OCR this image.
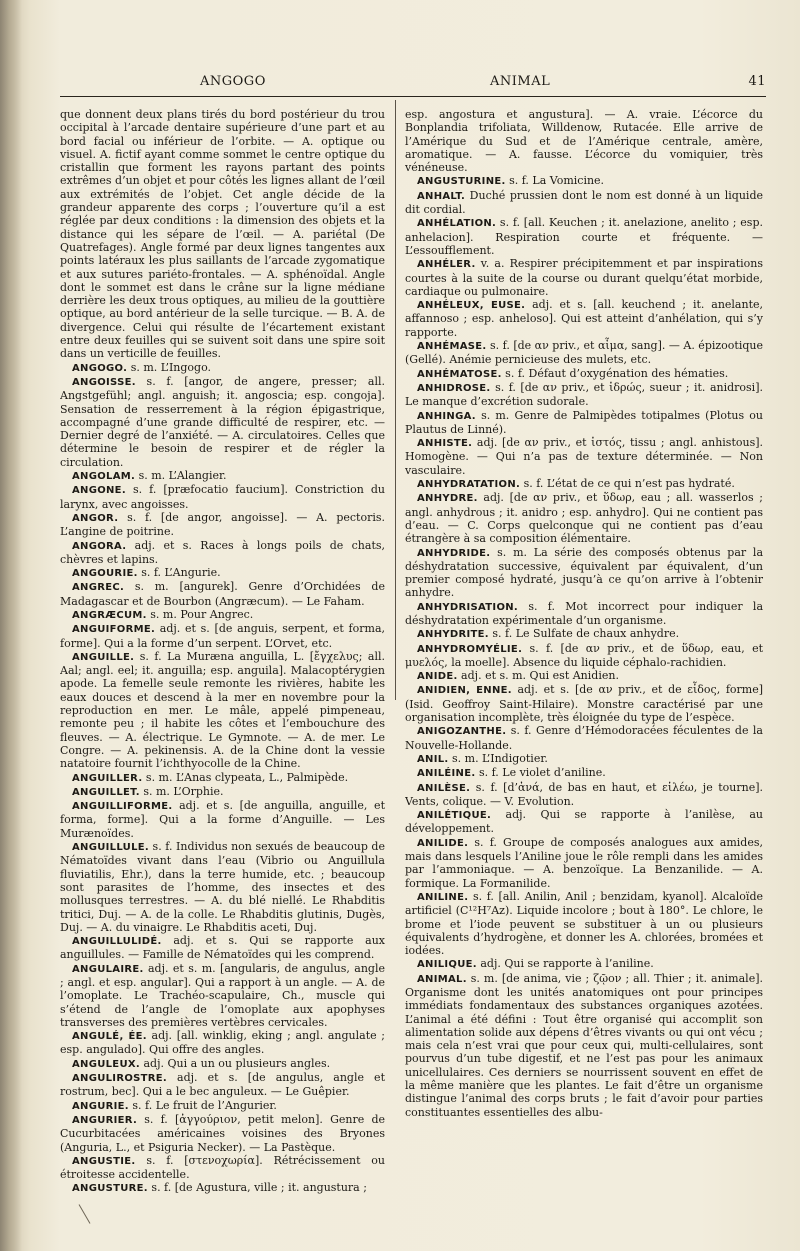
ANGOGO	ANIMAL	41

que donnent deux plans tirés du bord postérieur du trou occipital à l’arcade dentaire supérieure d’une part et au bord facial ou inférieur de l’orbite. — A. optique ou visuel. A. fictif ayant comme sommet le centre optique du cristallin que forment les rayons partant des points extrêmes d’un objet et pour côtés les lignes allant de l’œil aux extrémités de l’objet. Cet angle décide de la grandeur apparente des corps ; l’ouverture qu’il a est réglée par deux conditions : la dimension des objets et la distance qui les sépare de l’œil. — A. pariétal (De Quatrefages). Angle formé par deux lignes tangentes aux points latéraux les plus saillants de l’arcade zygomatique et aux sutures pariéto-frontales. — A. sphénoïdal. Angle dont le sommet est dans le crâne sur la ligne médiane derrière les deux trous optiques, au milieu de la gouttière optique, au bord antérieur de la selle turcique. — B. A. de divergence. Celui qui résulte de l’écartement existant entre deux feuilles qui se suivent soit dans une spire soit dans un verticille de feuilles.

ANGOGO. s. m. L’Ingogo.

ANGOISSE. s. f. [angor, de angere, presser; all. Angstgefühl; angl. anguish; it. angoscia; esp. congoja]. Sensation de resserrement à la région épigastrique, accompagné d’une grande difficulté de respirer, etc. — Dernier degré de l’anxiété. — A. circulatoires. Celles que détermine le besoin de respirer et de régler la circulation.

ANGOLAM. s. m. L’Alangier.

ANGONE. s. f. [præfocatio faucium]. Constriction du larynx, avec angoisses.

ANGOR. s. f. [de angor, angoisse]. — A. pectoris. L’angine de poitrine.

ANGORA. adj. et s. Races à longs poils de chats, chèvres et lapins.

ANGOURIE. s. f. L’Angurie.

ANGREC. s. m. [angurek]. Genre d’Orchidées de Madagascar et de Bourbon (Angræcum). — Le Faham.

ANGRÆCUM. s. m. Pour Angrec.

ANGUIFORME. adj. et s. [de anguis, serpent, et forma, forme]. Qui a la forme d’un serpent. L’Orvet, etc.

ANGUILLE. s. f. La Muræna anguilla, L. [ἔγχελυς; all. Aal; angl. eel; it. anguilla; esp. anguila]. Malacoptérygien apode. La femelle seule remonte les rivières, habite les eaux douces et descend à la mer en novembre pour la reproduction en mer. Le mâle, appelé pimpeneau, remonte peu ; il habite les côtes et l’embouchure des fleuves. — A. électrique. Le Gymnote. — A. de mer. Le Congre. — A. pekinensis. A. de la Chine dont la vessie natatoire fournit l’ichthyocolle de la Chine.

ANGUILLER. s. m. L’Anas clypeata, L., Palmipède.

ANGUILLET. s. m. L’Orphie.

ANGUILLIFORME. adj. et s. [de anguilla, anguille, et forma, forme]. Qui a la forme d’Anguille. — Les Murænoïdes.

ANGUILLULE. s. f. Individus non sexués de beaucoup de Nématoïdes vivant dans l’eau (Vibrio ou Anguillula fluviatilis, Ehr.), dans la terre humide, etc. ; beaucoup sont parasites de l’homme, des insectes et des mollusques terrestres. — A. du blé niellé. Le Rhabditis tritici, Duj. — A. de la colle. Le Rhabditis glutinis, Dugès, Duj. — A. du vinaigre. Le Rhabditis aceti, Duj.

ANGUILLULIDÉ. adj. et s. Qui se rapporte aux anguillules. — Famille de Nématoïdes qui les comprend.

ANGULAIRE. adj. et s. m. [angularis, de angulus, angle ; angl. et esp. angular]. Qui a rapport à un angle. — A. de l’omoplate. Le Trachéo-scapulaire, Ch., muscle qui s’étend de l’angle de l’omoplate aux apophyses transverses des premières vertèbres cervicales.

ANGULÉ, ÉE. adj. [all. winklig, eking ; angl. angulate ; esp. angulado]. Qui offre des angles.

ANGULEUX. adj. Qui a un ou plusieurs angles.

ANGULIROSTRE. adj. et s. [de angulus, angle et rostrum, bec]. Qui a le bec anguleux. — Le Guêpier.

ANGURIE. s. f. Le fruit de l’Angurier.

ANGURIER. s. f. [ἀγγούριον, petit melon]. Genre de Cucurbitacées américaines voisines des Bryones (Anguria, L., et Psiguria Necker). — La Pastèque.

ANGUSTIE. s. f. [στενοχωρία]. Rétrécissement ou étroitesse accidentelle.

ANGUSTURE. s. f. [de Agustura, ville ; it. angustura ;

esp. angostura et angustura]. — A. vraie. L’écorce du Bonplandia trifoliata, Willdenow, Rutacée. Elle arrive de l’Amérique du Sud et de l’Amérique centrale, amère, aromatique. — A. fausse. L’écorce du vomiquier, très vénéneuse.

ANGUSTURINE. s. f. La Vomicine.

ANHALT. Duché prussien dont le nom est donné à un liquide dit cordial.

ANHÉLATION. s. f. [all. Keuchen ; it. anelazione, anelito ; esp. anhelacion]. Respiration courte et fréquente. — L’essoufflement.

ANHÉLER. v. a. Respirer précipitemment et par inspirations courtes à la suite de la course ou durant quelqu’état morbide, cardiaque ou pulmonaire.

ANHÉLEUX, EUSE. adj. et s. [all. keuchend ; it. anelante, affannoso ; esp. anheloso]. Qui est atteint d’anhélation, qui s’y rapporte.

ANHÉMASE. s. f. [de αν priv., et αἷμα, sang]. — A. épizootique (Gellé). Anémie pernicieuse des mulets, etc.

ANHÉMATOSE. s. f. Défaut d’oxygénation des hématies.

ANHIDROSE. s. f. [de αν priv., et ἱδρώς, sueur ; it. anidrosi]. Le manque d’excrétion sudorale.

ANHINGA. s. m. Genre de Palmipèdes totipalmes (Plotus ou Plautus de Linné).

ANHISTE. adj. [de αν priv., et ἱστός, tissu ; angl. anhistous]. Homogène. — Qui n’a pas de texture déterminée. — Non vasculaire.

ANHYDRATATION. s. f. L’état de ce qui n’est pas hydraté.

ANHYDRE. adj. [de αν priv., et ὕδωρ, eau ; all. wasserlos ; angl. anhydrous ; it. anidro ; esp. anhydro]. Qui ne contient pas d’eau. — C. Corps quelconque qui ne contient pas d’eau étrangère à sa composition élémentaire.

ANHYDRIDE. s. m. La série des composés obtenus par la déshydratation successive, équivalent par équivalent, d’un premier composé hydraté, jusqu’à ce qu’on arrive à l’obtenir anhydre.

ANHYDRISATION. s. f. Mot incorrect pour indiquer la déshydratation expérimentale d’un organisme.

ANHYDRITE. s. f. Le Sulfate de chaux anhydre.

ANHYDROMYÉLIE. s. f. [de αν priv., et de ὕδωρ, eau, et μυελός, la moelle]. Absence du liquide céphalo-rachidien.

ANIDE. adj. et s. m. Qui est Anidien.

ANIDIEN, ENNE. adj. et s. [de αν priv., et de εἶδος, forme] (Isid. Geoffroy Saint-Hilaire). Monstre caractérisé par une organisation incomplète, très éloignée du type de l’espèce.

ANIGOZANTHE. s. f. Genre d’Hémodoracées féculentes de la Nouvelle-Hollande.

ANIL. s. m. L’Indigotier.

ANILÉINE. s. f. Le violet d’aniline.

ANILÈSE. s. f. [d’ἀνά, de bas en haut, et εἱλέω, je tourne]. Vents, colique. — V. Evolution.

ANILÉTIQUE. adj. Qui se rapporte à l’anilèse, au développement.

ANILIDE. s. f. Groupe de composés analogues aux amides, mais dans lesquels l’Aniline joue le rôle rempli dans les amides par l’ammoniaque. — A. benzoïque. La Benzanilide. — A. formique. La Formanilide.

ANILINE. s. f. [all. Anilin, Anil ; benzidam, kyanol]. Alcaloïde artificiel (C¹²H⁷Az). Liquide incolore ; bout à 180°. Le chlore, le brome et l’iode peuvent se substituer à un ou plusieurs équivalents d’hydrogène, et donner les A. chlorées, bromées et iodées.

ANILIQUE. adj. Qui se rapporte à l’aniline.

ANIMAL. s. m. [de anima, vie ; ζῷον ; all. Thier ; it. animale]. Organisme dont les unités anatomiques ont pour principes immédiats fondamentaux des substances organiques azotées. L’animal a été défini : Tout être organisé qui accomplit son alimentation solide aux dépens d’êtres vivants ou qui ont vécu ; mais cela n’est vrai que pour ceux qui, multi-cellulaires, sont pourvus d’un tube digestif, et ne l’est pas pour les animaux unicellulaires. Ces derniers se nourrissent souvent en effet de la même manière que les plantes. Le fait d’être un organisme distingue l’animal des corps bruts ; le fait d’avoir pour parties constituantes essentielles des albu-
